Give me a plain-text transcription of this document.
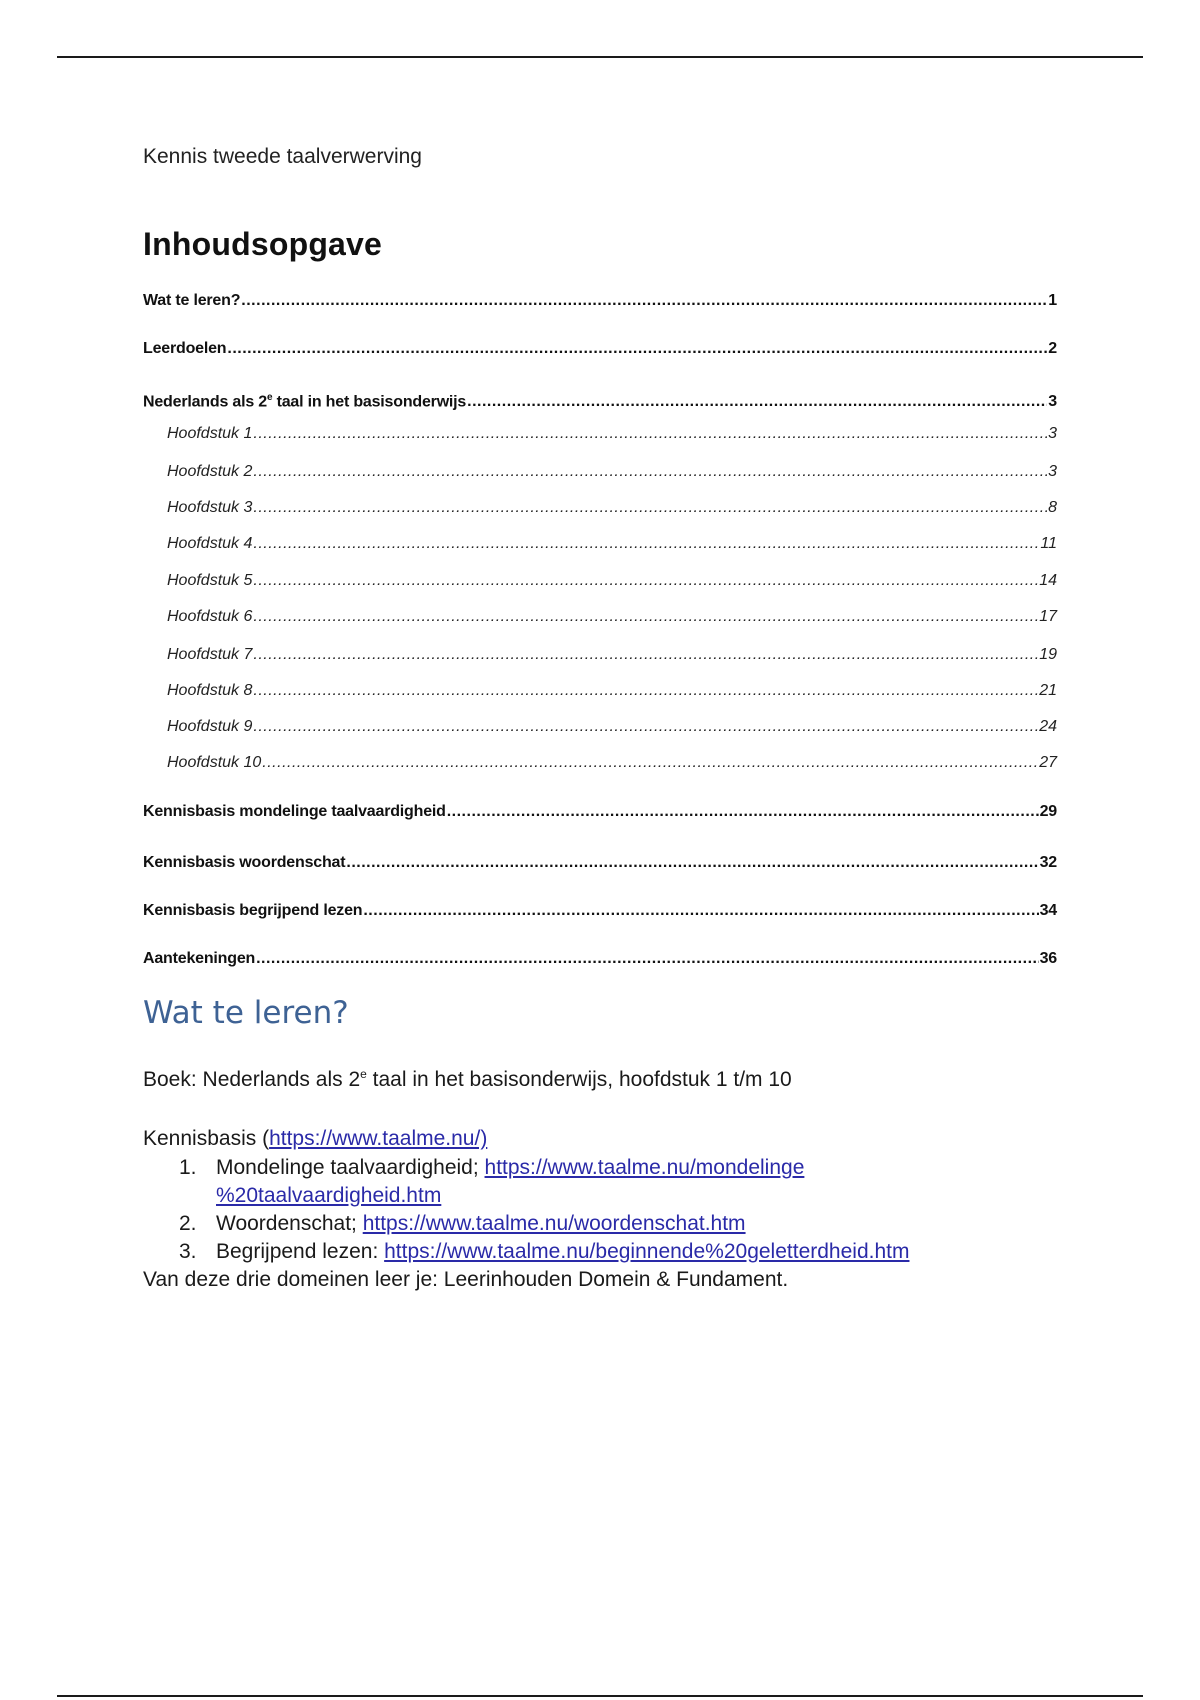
Kennis tweede taalverwerving
Inhoudsopgave
Wat te leren? .....	1
Leerdoelen .....	2
Nederlands als 2e taal in het basisonderwijs .....	3
Hoofdstuk 1 .....	3
Hoofdstuk 2 .....	3
Hoofdstuk 3 .....	8
Hoofdstuk 4 .....	11
Hoofdstuk 5 .....	14
Hoofdstuk 6 .....	17
Hoofdstuk 7 .....	19
Hoofdstuk 8 .....	21
Hoofdstuk 9 .....	24
Hoofdstuk 10 .....	27
Kennisbasis mondelinge taalvaardigheid .....	29
Kennisbasis woordenschat .....	32
Kennisbasis begrijpend lezen .....	34
Aantekeningen .....	36
Wat te leren?
Boek: Nederlands als 2e taal in het basisonderwijs, hoofdstuk 1 t/m 10
Kennisbasis (https://www.taalme.nu/)
1. Mondelinge taalvaardigheid; https://www.taalme.nu/mondelinge
%20taalvaardigheid.htm
2. Woordenschat; https://www.taalme.nu/woordenschat.htm
3. Begrijpend lezen: https://www.taalme.nu/beginnende%20geletterdheid.htm
Van deze drie domeinen leer je: Leerinhouden Domein & Fundament.
